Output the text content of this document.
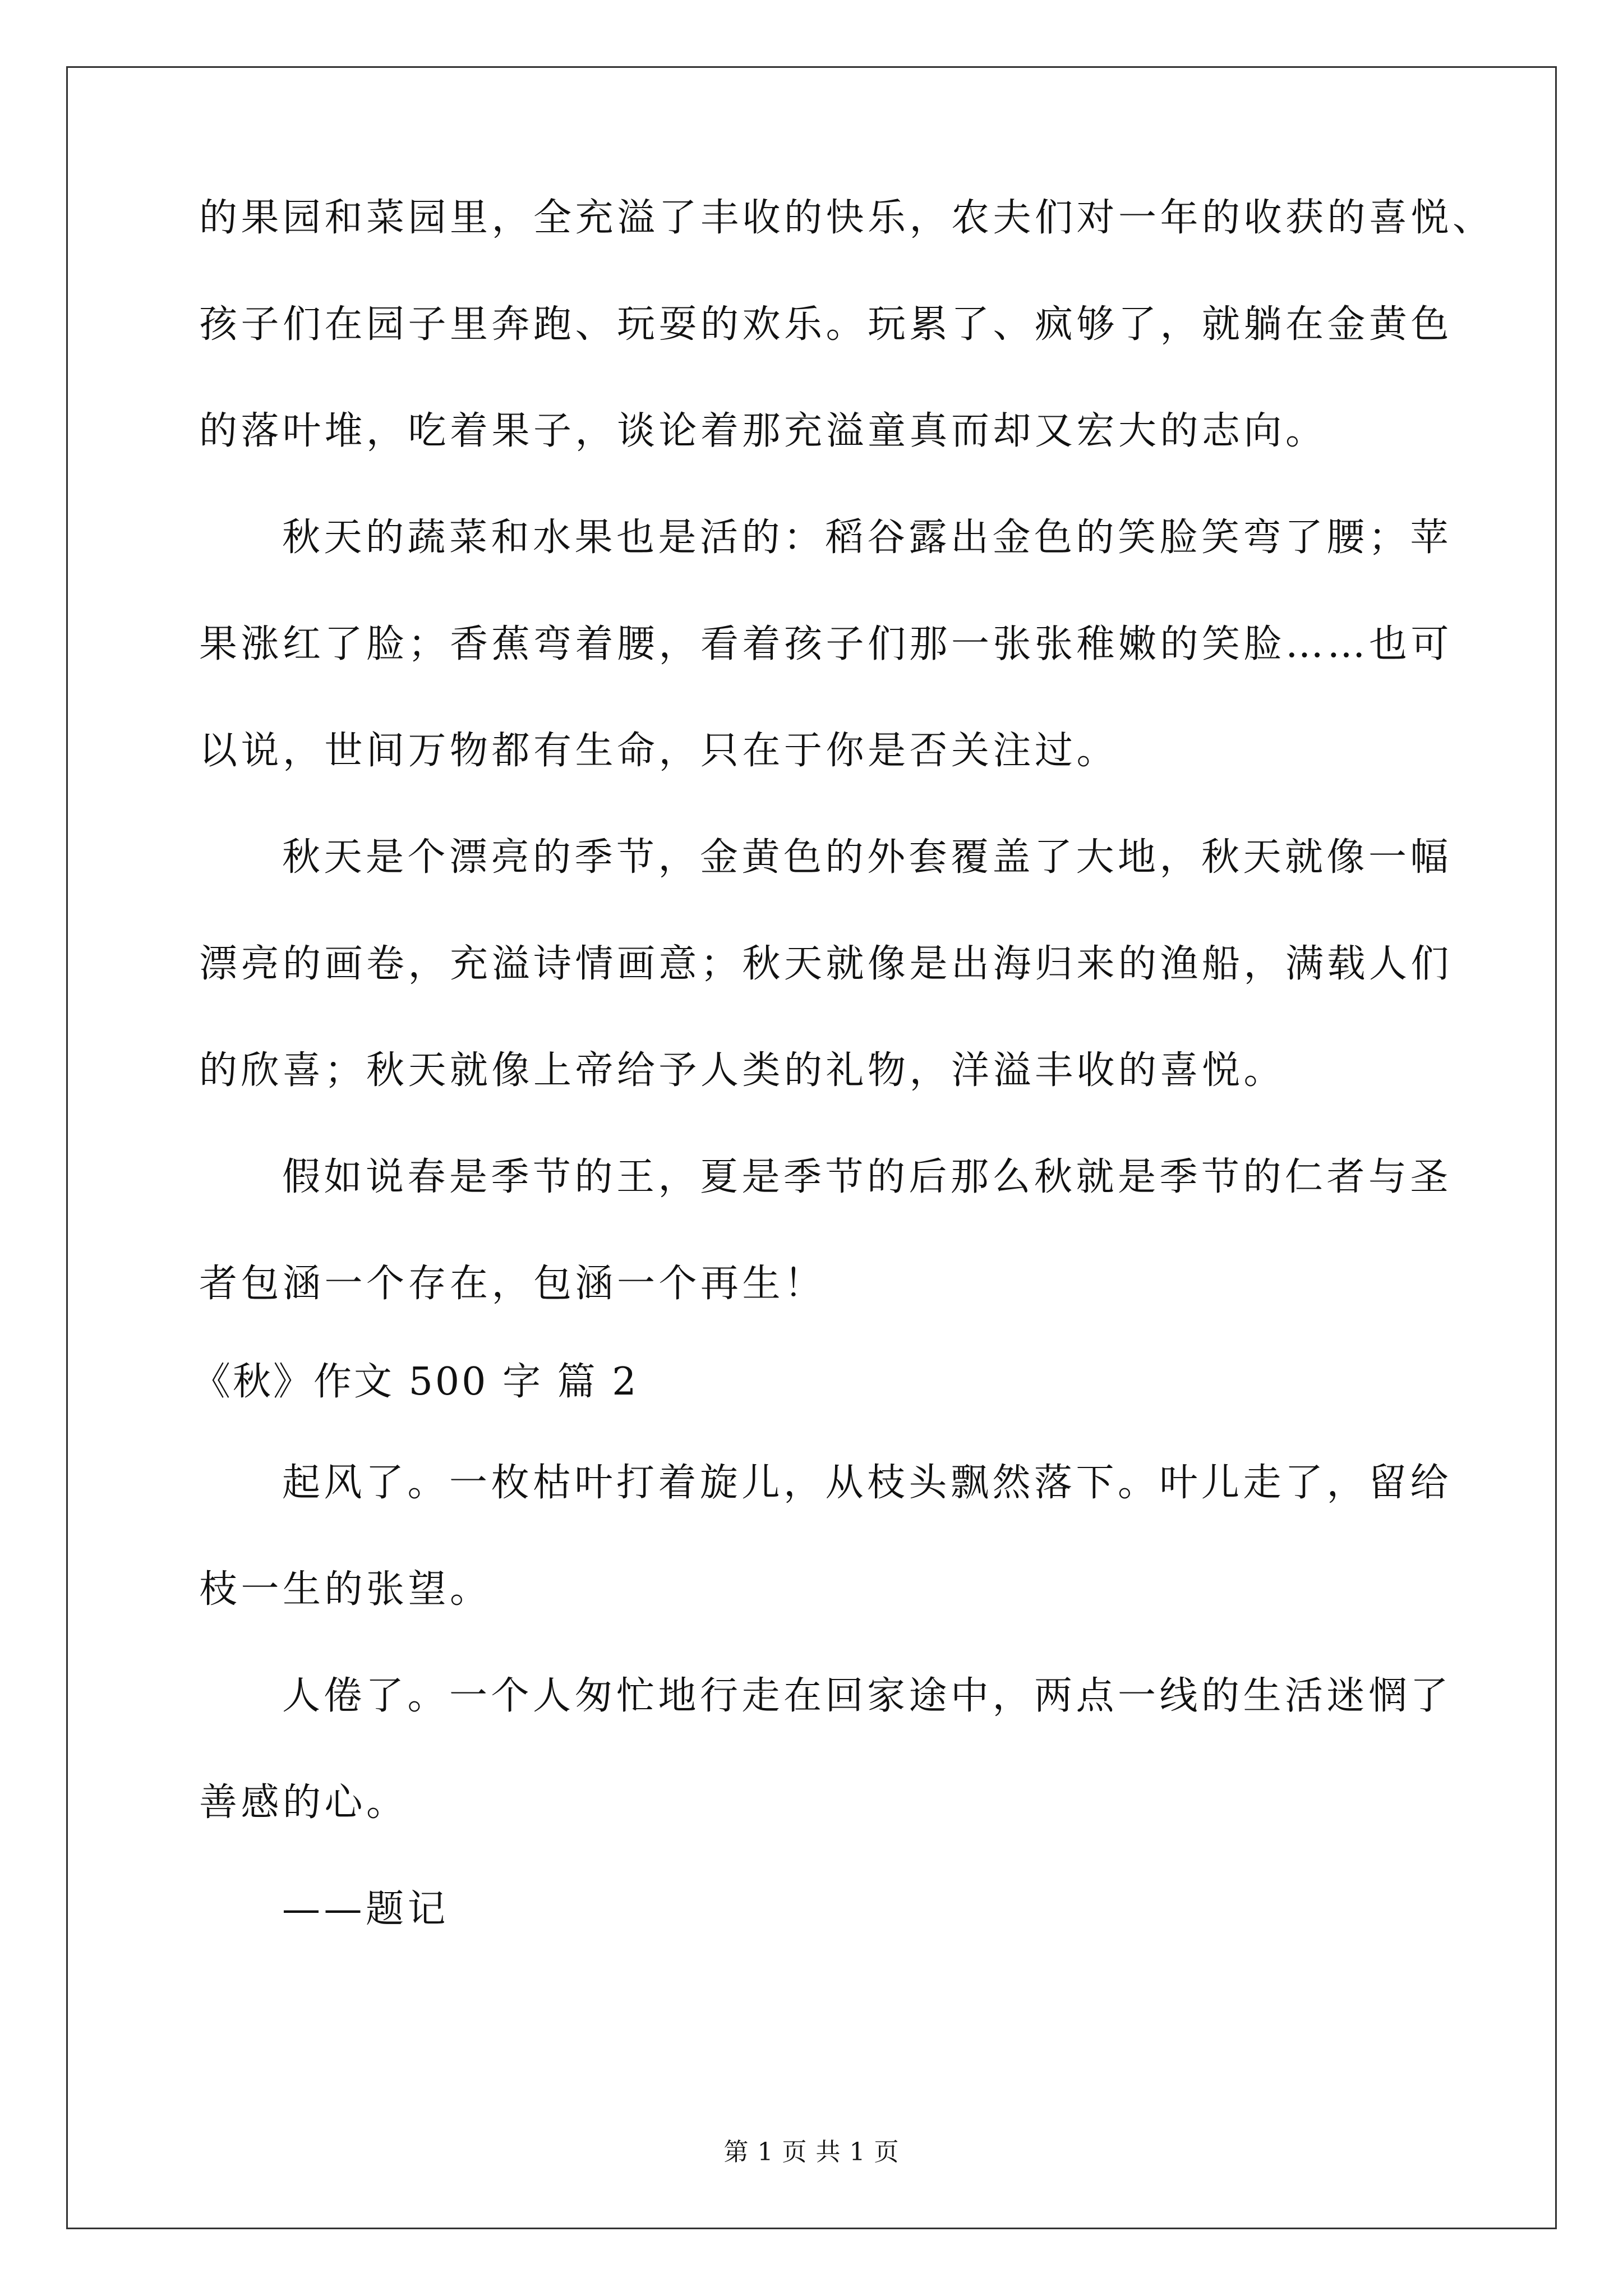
的果园和菜园里，全充溢了丰收的快乐，农夫们对一年的收获的喜悦、
孩子们在园子里奔跑、玩耍的欢乐。玩累了、疯够了，就躺在金黄色
的落叶堆，吃着果子，谈论着那充溢童真而却又宏大的志向。
秋天的蔬菜和水果也是活的：稻谷露出金色的笑脸笑弯了腰；苹
果涨红了脸；香蕉弯着腰，看着孩子们那一张张稚嫩的笑脸……也可
以说，世间万物都有生命，只在于你是否关注过。
秋天是个漂亮的季节，金黄色的外套覆盖了大地，秋天就像一幅
漂亮的画卷，充溢诗情画意；秋天就像是出海归来的渔船，满载人们
的欣喜；秋天就像上帝给予人类的礼物，洋溢丰收的喜悦。
假如说春是季节的王，夏是季节的后那么秋就是季节的仁者与圣
者包涵一个存在，包涵一个再生！
《秋》作文 500 字 篇 2
起风了。一枚枯叶打着旋儿，从枝头飘然落下。叶儿走了，留给
枝一生的张望。
人倦了。一个人匆忙地行走在回家途中，两点一线的生活迷惘了
善感的心。
——题记
第 1 页 共 1 页
